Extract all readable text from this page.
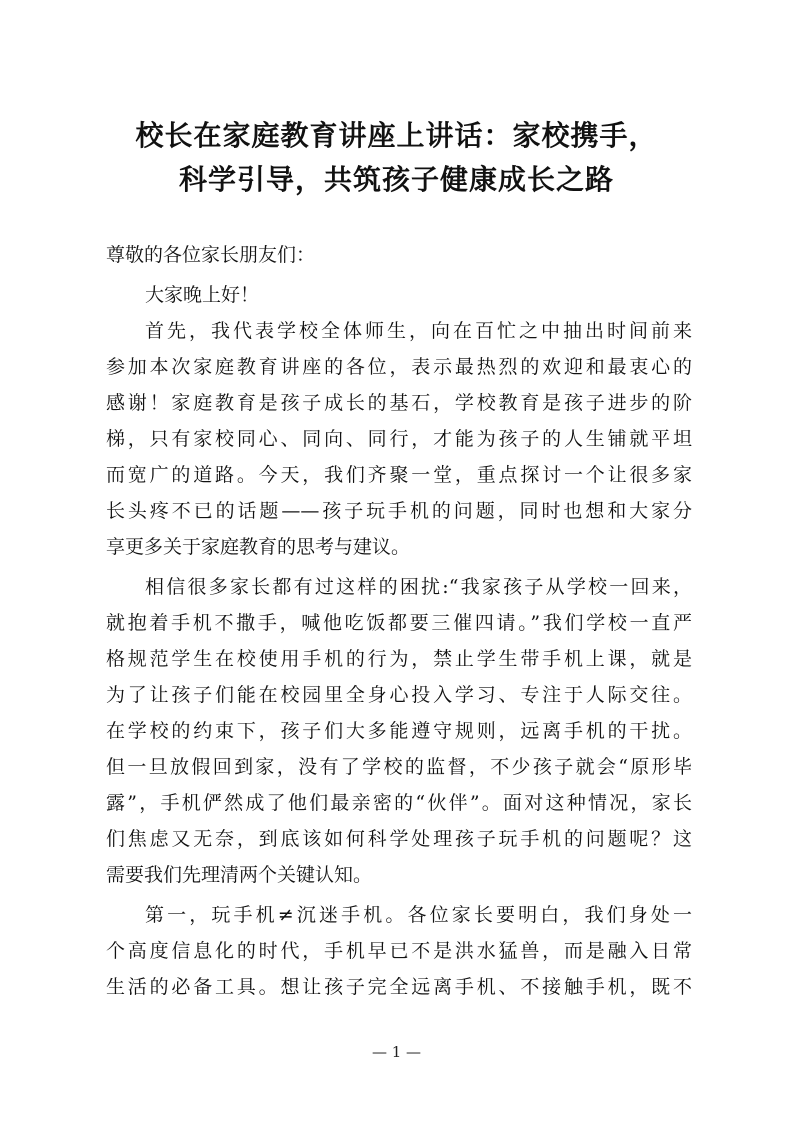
校长在家庭教育讲座上讲话：家校携手，
科学引导，共筑孩子健康成长之路
尊敬的各位家长朋友们：
大家晚上好！
首先，我代表学校全体师生，向在百忙之中抽出时间前来
参加本次家庭教育讲座的各位，表示最热烈的欢迎和最衷心的
感谢！家庭教育是孩子成长的基石，学校教育是孩子进步的阶
梯，只有家校同心、同向、同行，才能为孩子的人生铺就平坦
而宽广的道路。今天，我们齐聚一堂，重点探讨一个让很多家
长头疼不已的话题——孩子玩手机的问题，同时也想和大家分
享更多关于家庭教育的思考与建议。
相信很多家长都有过这样的困扰:“我家孩子从学校一回来，
就抱着手机不撒手，喊他吃饭都要三催四请。”我们学校一直严
格规范学生在校使用手机的行为，禁止学生带手机上课，就是
为了让孩子们能在校园里全身心投入学习、专注于人际交往。
在学校的约束下，孩子们大多能遵守规则，远离手机的干扰。
但一旦放假回到家，没有了学校的监督，不少孩子就会“原形毕
露”，手机俨然成了他们最亲密的“伙伴”。面对这种情况，家长
们焦虑又无奈，到底该如何科学处理孩子玩手机的问题呢？这
需要我们先理清两个关键认知。
第一，玩手机≠沉迷手机。各位家长要明白，我们身处一
个高度信息化的时代，手机早已不是洪水猛兽，而是融入日常
生活的必备工具。想让孩子完全远离手机、不接触手机，既不
— 1 —
